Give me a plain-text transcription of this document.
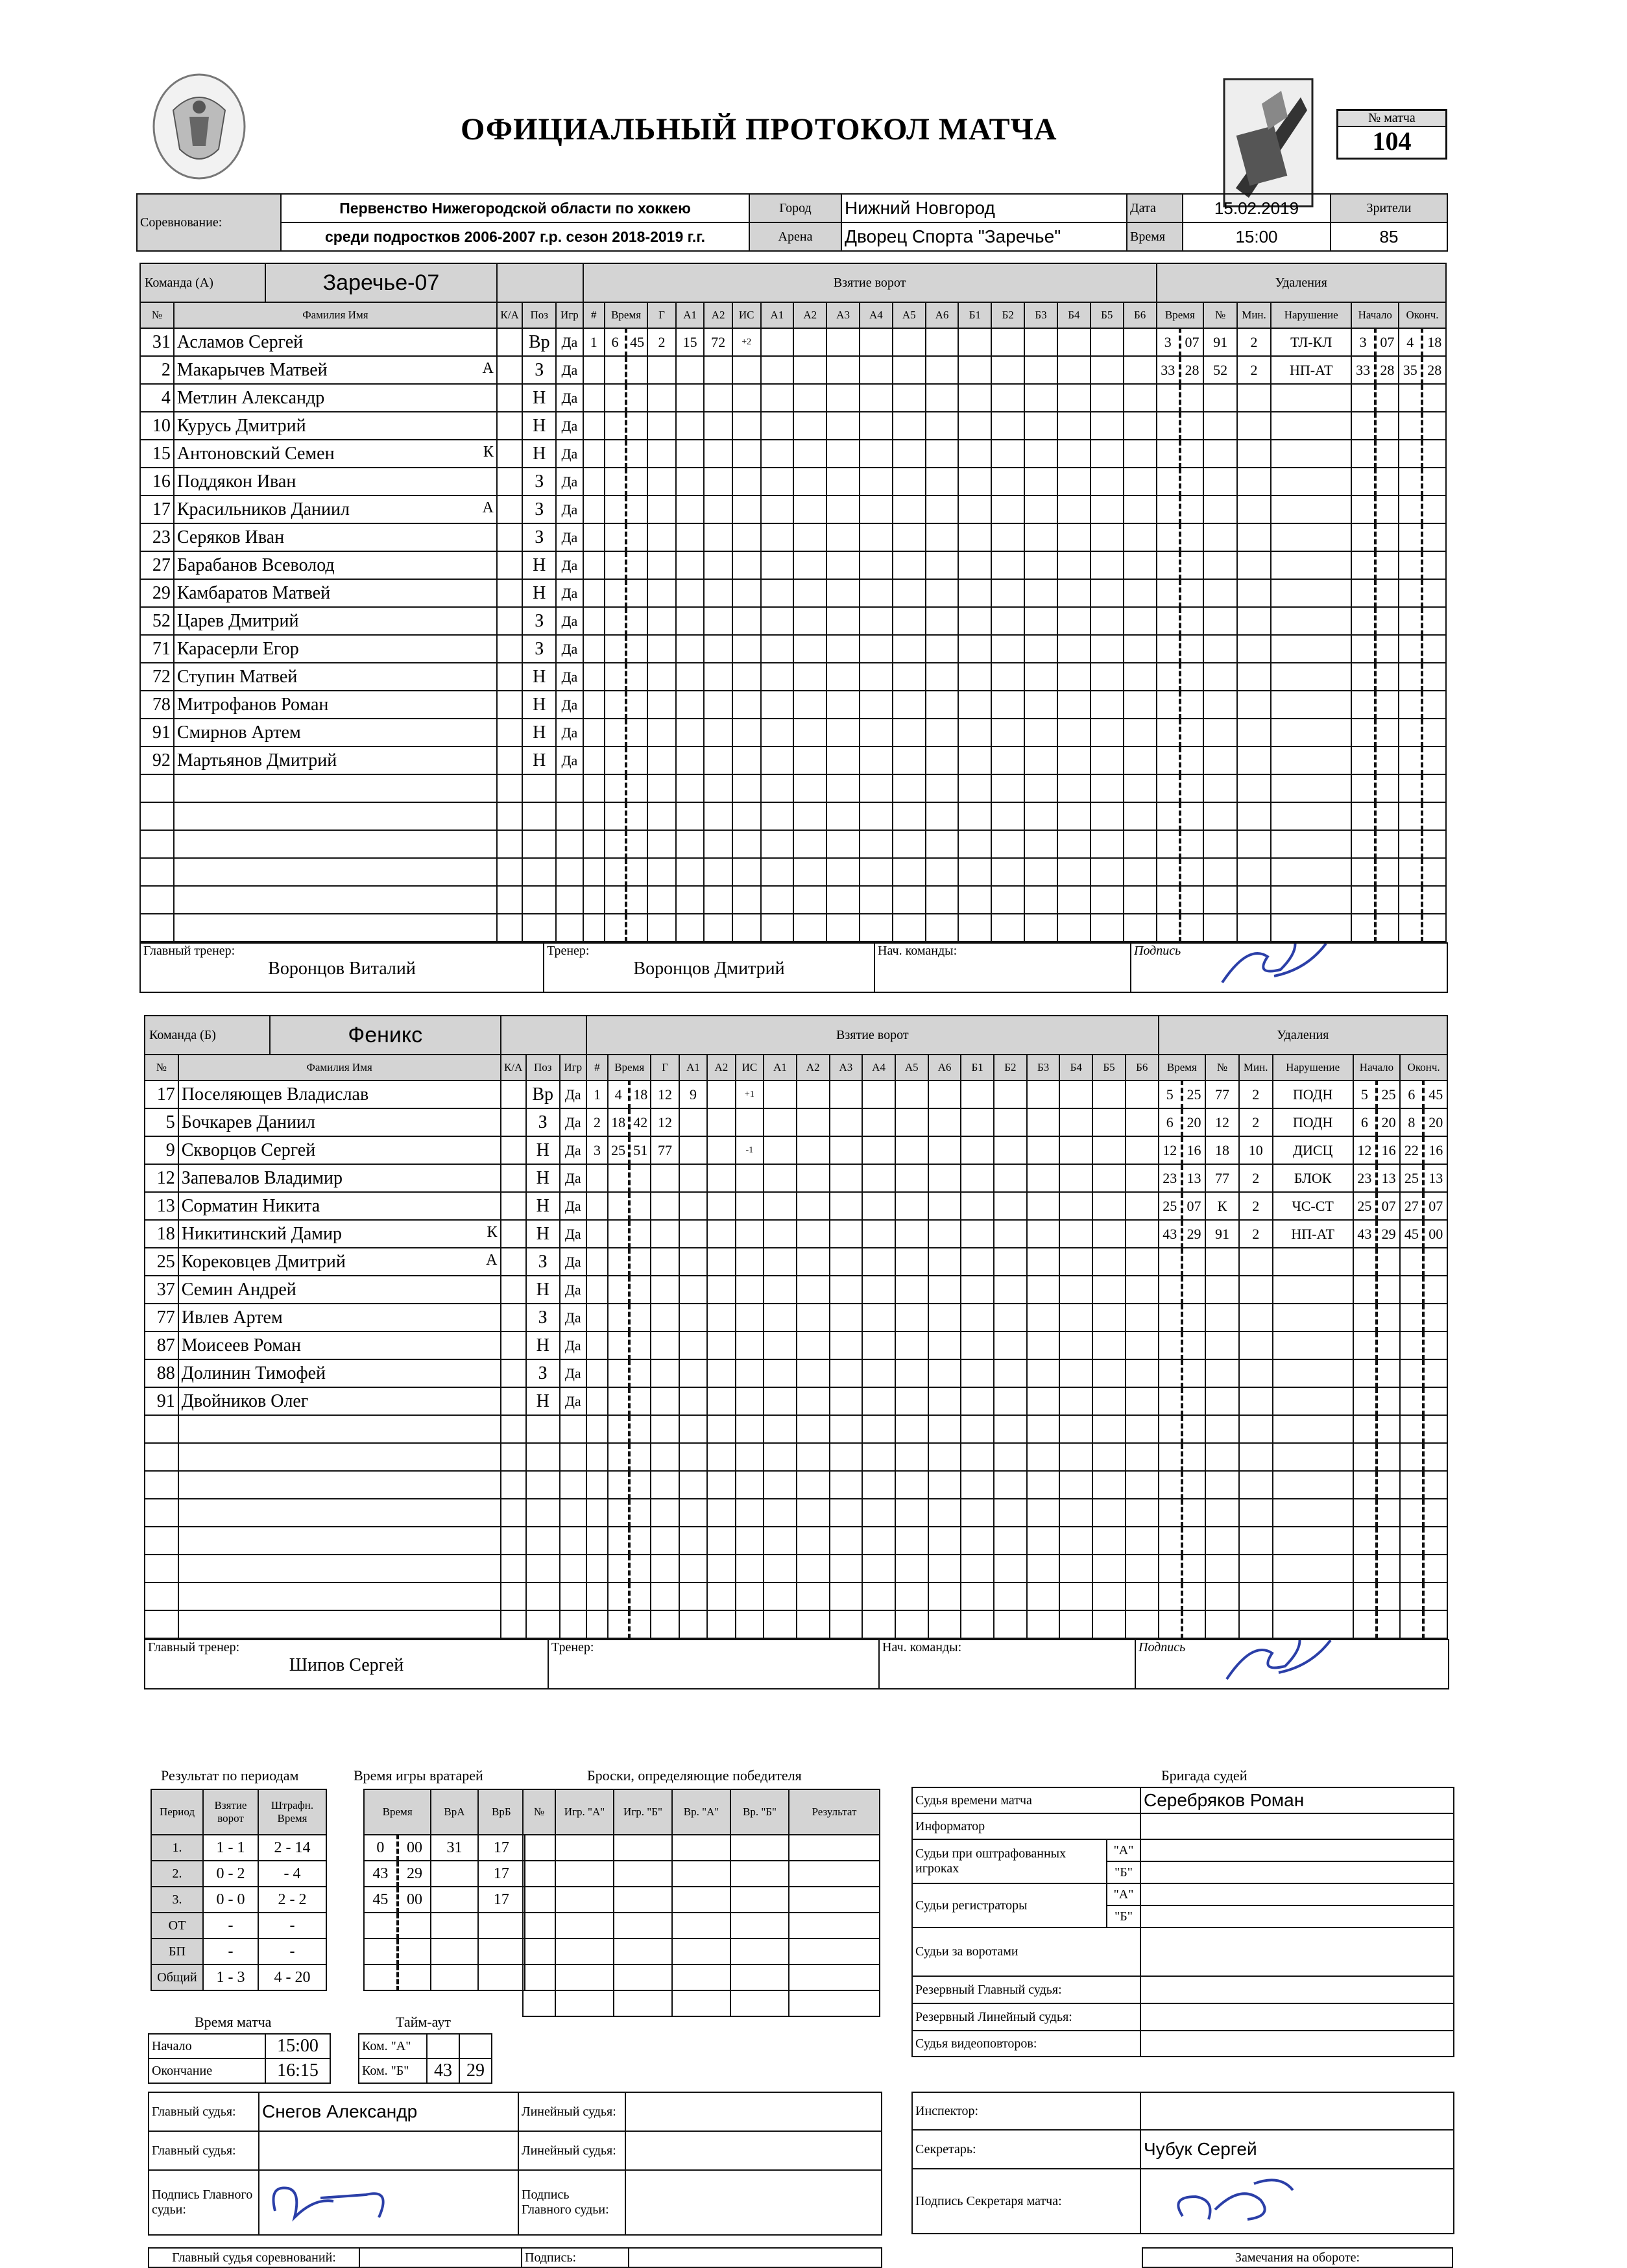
ОФИЦИАЛЬНЫЙ ПРОТОКОЛ МАТЧА	№ матча
104
Соревнование:	Первенство Нижегородской области по хоккею	Город	Нижний Новгород	Дата	15.02.2019	Зрители
	среди подростков 2006-2007 г.р. сезон 2018-2019 г.г.	Арена	Дворец Спорта "Заречье"	Время	15:00	85
Команда (А) Заречье-07					Взятие ворот																			Удаления								
№	Фамилия Имя	К/А	Поз	Игр	#	Время		Г	А1	А2	ИС	А1	А2	А3	А4	А5	А6	Б1	Б2	Б3	Б4	Б5	Б6	Время		№	Мин.	Нарушение	Начало		Оконч.	
31	Асламов Сергей		Вр	Да	1	6	45	2	15	72	+2													3	07	91	2	ТЛ-КЛ	3	07	4	18
2	Макарычев Матвей А		З	Да																				33	28	52	2	НП-АТ	33	28	35	28
4	Метлин Александр		Н	Да																												
10	Курусь Дмитрий		Н	Да																												
15	Антоновский Семен К		Н	Да																												
16	Поддякон Иван		З	Да																												
17	Красильников Даниил А		З	Да																												
23	Серяков Иван		З	Да																												
27	Барабанов Всеволод		Н	Да																												
29	Камбаратов Матвей		Н	Да																												
52	Царев Дмитрий		З	Да																												
71	Карасерли Егор		З	Да																												
72	Ступин Матвей		Н	Да																												
78	Митрофанов Роман		Н	Да																												
91	Смирнов Артем		Н	Да																												
92	Мартьянов Дмитрий		Н	Да																												

Главный тренер:
Воронцов Виталий

Тренер:
Воронцов Дмитрий

Нач. команды:	Подпись
Команда (Б) Феникс					Взятие ворот																			Удаления								
№	Фамилия Имя	К/А	Поз	Игр	#	Время		Г	А1	А2	ИС	А1	А2	А3	А4	А5	А6	Б1	Б2	Б3	Б4	Б5	Б6	Время		№	Мин.	Нарушение	Начало		Оконч.	
17	Поселяющев Владислав		Вр	Да	1	4	18	12	9		+1													5	25	77	2	ПОДН	5	25	6	45
5	Бочкарев Даниил		З	Да	2	18	42	12																6	20	12	2	ПОДН	6	20	8	20
9	Скворцов Сергей		Н	Да	3	25	51	77			-1													12	16	18	10	ДИСЦ	12	16	22	16
12	Запевалов Владимир		Н	Да																				23	13	77	2	БЛОК	23	13	25	13
13	Сорматин Никита		Н	Да																				25	07	К	2	ЧС-СТ	25	07	27	07
18	Никитинский Дамир К		Н	Да																				43	29	91	2	НП-АТ	43	29	45	00
25	Корековцев Дмитрий А		З	Да																												
37	Семин Андрей		Н	Да																												
77	Ивлев Артем		З	Да																												
87	Моисеев Роман		Н	Да																												
88	Долинин Тимофей		З	Да																												
91	Двойников Олег		Н	Да																												

Главный тренер:
Шипов Сергей

Тренер:	Нач. команды:	Подпись
Результат по периодам
Период	Взятие ворот	Штрафн. Время
1.	1 - 1	2 - 14
2.	0 - 2	- 4
3.	0 - 0	2 - 2
ОТ	-	-
БП	-	-
Общий	1 - 3	4 - 20
Время игры вратарей
Время		ВрА	ВрБ
0	00	31	17
43	29		17
45	00		17

Броски, определяющие победителя
№	Игр. "А"	Игр. "Б"	Вр. "А"	Вр. "Б"	Результат

Время матча
Начало	15:00
Окончание	16:15
Тайм-аут
Ком. "А"		
Ком. "Б"	43	29
Главный судья:	Снегов Александр	Линейный судья:	
Главный судья:		Линейный судья:	
Подпись Главного судьи:		Подпись Главного судьи:	
Бригада судей
Судья времени матча		Серебряков Роман
Информатор		
Судьи при оштрафованных игроках	"А"	
	"Б"	
Судьи регистраторы	"А"	
	"Б"	
Судьи за воротами		
Резервный Главный судья:		
Резервный Линейный судья:		
Судья видеоповторов:		
Инспектор:	
Секретарь:	Чубук Сергей
Подпись Секретаря матча:	
Главный судья соревнований:		Подпись:		Замечания на обороте:
